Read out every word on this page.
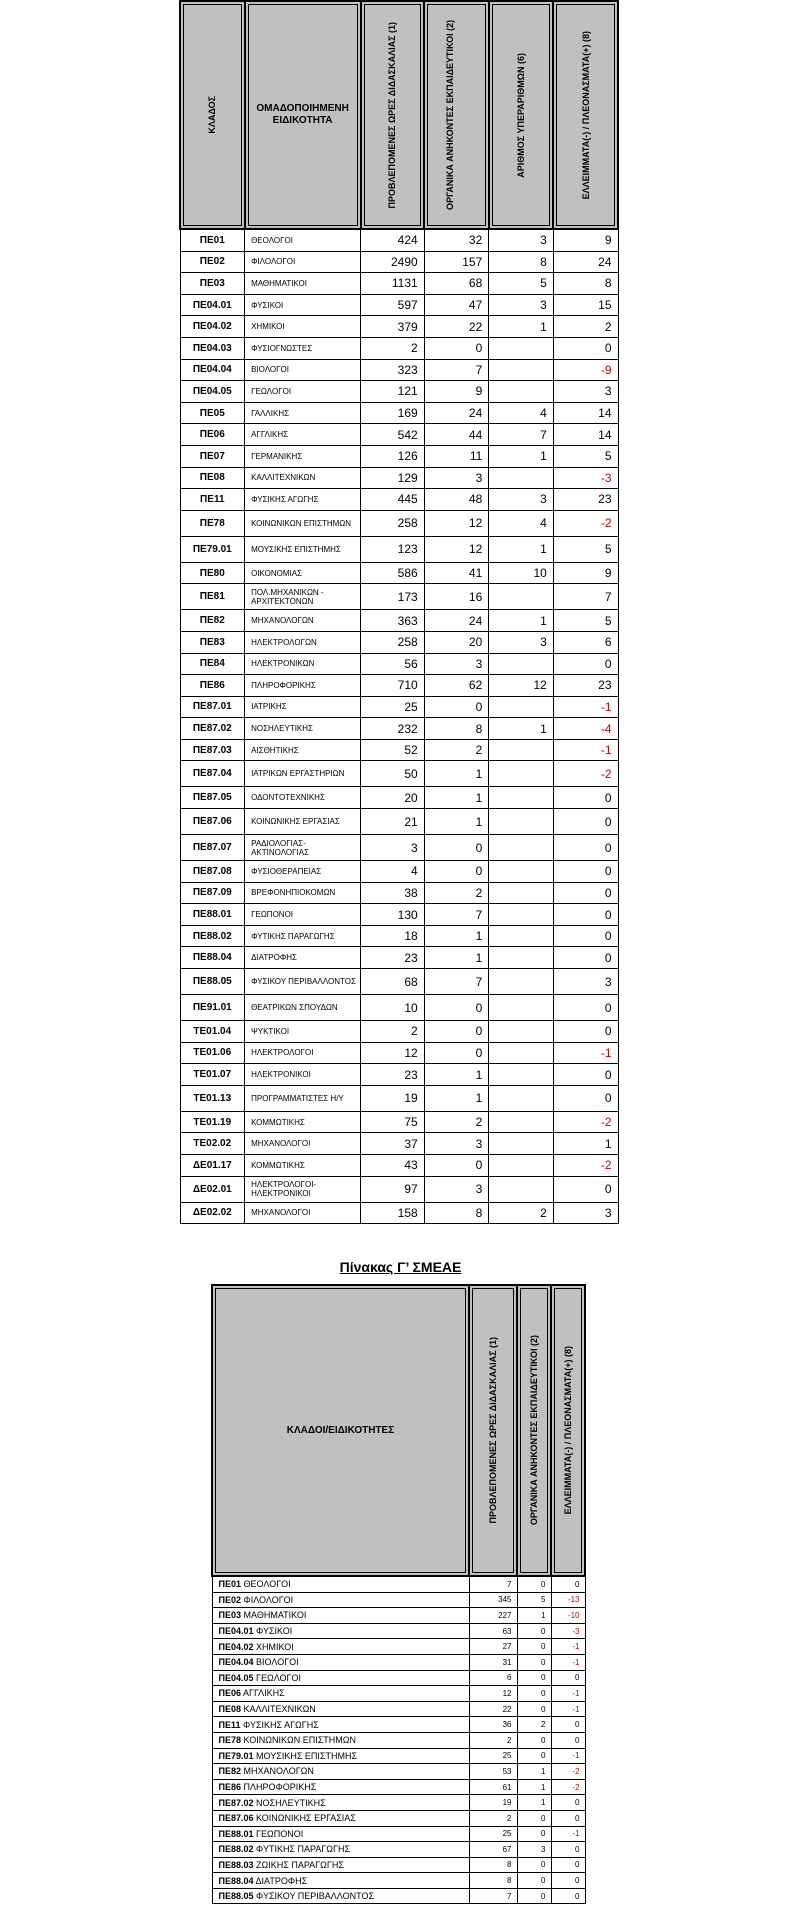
ΚΛΑΔΟΣ	ΟΜΑΔΟΠΟΙΗΜΕΝΗ ΕΙΔΙΚΟΤΗΤΑ	ΠΡΟΒΛΕΠΟΜΕΝΕΣ ΩΡΕΣ ΔΙΔΑΣΚΑΛΙΑΣ (1)	ΟΡΓΑΝΙΚΑ ΑΝΗΚΟΝΤΕΣ ΕΚΠΑΙΔΕΥΤΙΚΟΙ (2)	ΑΡΙΘΜΟΣ ΥΠΕΡΑΡΙΘΜΩΝ (6)	ΕΛΛΕΙΜΜΑΤΑ(-) / ΠΛΕΟΝΑΣΜΑΤΑ(+) (8)

ΠΕ01	ΘΕΟΛΟΓΟΙ	424	32	3	9
ΠΕ02	ΦΙΛΟΛΟΓΟΙ	2490	157	8	24
ΠΕ03	ΜΑΘΗΜΑΤΙΚΟΙ	1131	68	5	8
ΠΕ04.01	ΦΥΣΙΚΟΙ	597	47	3	15
ΠΕ04.02	ΧΗΜΙΚΟΙ	379	22	1	2
ΠΕ04.03	ΦΥΣΙΟΓΝΩΣΤΕΣ	2	0		0
ΠΕ04.04	ΒΙΟΛΟΓΟΙ	323	7		-9
ΠΕ04.05	ΓΕΩΛΟΓΟΙ	121	9		3
ΠΕ05	ΓΑΛΛΙΚΗΣ	169	24	4	14
ΠΕ06	ΑΓΓΛΙΚΗΣ	542	44	7	14
ΠΕ07	ΓΕΡΜΑΝΙΚΗΣ	126	11	1	5
ΠΕ08	ΚΑΛΛΙΤΕΧΝΙΚΩΝ	129	3		-3
ΠΕ11	ΦΥΣΙΚΗΣ ΑΓΩΓΗΣ	445	48	3	23
ΠΕ78	ΚΟΙΝΩΝΙΚΩΝ ΕΠΙΣΤΗΜΩΝ	258	12	4	-2
ΠΕ79.01	ΜΟΥΣΙΚΗΣ ΕΠΙΣΤΗΜΗΣ	123	12	1	5
ΠΕ80	ΟΙΚΟΝΟΜΙΑΣ	586	41	10	9
ΠΕ81	ΠΟΛ.ΜΗΧΑΝΙΚΩΝ - ΑΡΧΙΤΕΚΤΟΝΩΝ	173	16		7
ΠΕ82	ΜΗΧΑΝΟΛΟΓΩΝ	363	24	1	5
ΠΕ83	ΗΛΕΚΤΡΟΛΟΓΩΝ	258	20	3	6
ΠΕ84	ΗΛΕΚΤΡΟΝΙΚΩΝ	56	3		0
ΠΕ86	ΠΛΗΡΟΦΟΡΙΚΗΣ	710	62	12	23
ΠΕ87.01	ΙΑΤΡΙΚΗΣ	25	0		-1
ΠΕ87.02	ΝΟΣΗΛΕΥΤΙΚΗΣ	232	8	1	-4
ΠΕ87.03	ΑΙΣΘΗΤΙΚΗΣ	52	2		-1
ΠΕ87.04	ΙΑΤΡΙΚΩΝ ΕΡΓΑΣΤΗΡΙΩΝ	50	1		-2
ΠΕ87.05	ΟΔΟΝΤΟΤΕΧΝΙΚΗΣ	20	1		0
ΠΕ87.06	ΚΟΙΝΩΝΙΚΗΣ ΕΡΓΑΣΙΑΣ	21	1		0
ΠΕ87.07	ΡΑΔΙΟΛΟΓΙΑΣ-ΑΚΤΙΝΟΛΟΓΙΑΣ	3	0		0
ΠΕ87.08	ΦΥΣΙΟΘΕΡΑΠΕΙΑΣ	4	0		0
ΠΕ87.09	ΒΡΕΦΟΝΗΠΙΟΚΟΜΩΝ	38	2		0
ΠΕ88.01	ΓΕΩΠΟΝΟΙ	130	7		0
ΠΕ88.02	ΦΥΤΙΚΗΣ ΠΑΡΑΓΩΓΗΣ	18	1		0
ΠΕ88.04	ΔΙΑΤΡΟΦΗΣ	23	1		0
ΠΕ88.05	ΦΥΣΙΚΟΥ ΠΕΡΙΒΑΛΛΟΝΤΟΣ	68	7		3
ΠΕ91.01	ΘΕΑΤΡΙΚΩΝ ΣΠΟΥΔΩΝ	10	0		0
ΤΕ01.04	ΨΥΚΤΙΚΟΙ	2	0		0
ΤΕ01.06	ΗΛΕΚΤΡΟΛΟΓΟΙ	12	0		-1
ΤΕ01.07	ΗΛΕΚΤΡΟΝΙΚΟΙ	23	1		0
ΤΕ01.13	ΠΡΟΓΡΑΜΜΑΤΙΣΤΕΣ Η/Υ	19	1		0
ΤΕ01.19	ΚΟΜΜΩΤΙΚΗΣ	75	2		-2
ΤΕ02.02	ΜΗΧΑΝΟΛΟΓΟΙ	37	3		1
ΔΕ01.17	ΚΟΜΜΩΤΙΚΗΣ	43	0		-2
ΔΕ02.01	ΗΛΕΚΤΡΟΛΟΓΟΙ-ΗΛΕΚΤΡΟΝΙΚΟΙ	97	3		0
ΔΕ02.02	ΜΗΧΑΝΟΛΟΓΟΙ	158	8	2	3
Πίνακας Γ’ ΣΜΕΑΕ
ΚΛΑΔΟΙ/ΕΙΔΙΚΟΤΗΤΕΣ	ΠΡΟΒΛΕΠΟΜΕΝΕΣ ΩΡΕΣ ΔΙΔΑΣΚΑΛΙΑΣ (1)	ΟΡΓΑΝΙΚΑ ΑΝΗΚΟΝΤΕΣ ΕΚΠΑΙΔΕΥΤΙΚΟΙ (2)	ΕΛΛΕΙΜΜΑΤΑ(-) / ΠΛΕΟΝΑΣΜΑΤΑ(+) (8)

ΠΕ01 ΘΕΟΛΟΓΟΙ	7	0	0
ΠΕ02 ΦΙΛΟΛΟΓΟΙ	345	5	-13
ΠΕ03 ΜΑΘΗΜΑΤΙΚΟΙ	227	1	-10
ΠΕ04.01 ΦΥΣΙΚΟΙ	63	0	-3
ΠΕ04.02 ΧΗΜΙΚΟΙ	27	0	-1
ΠΕ04.04 ΒΙΟΛΟΓΟΙ	31	0	-1
ΠΕ04.05 ΓΕΩΛΟΓΟΙ	6	0	0
ΠΕ06 ΑΓΓΛΙΚΗΣ	12	0	-1
ΠΕ08 ΚΑΛΛΙΤΕΧΝΙΚΩΝ	22	0	-1
ΠΕ11 ΦΥΣΙΚΗΣ ΑΓΩΓΗΣ	36	2	0
ΠΕ78 ΚΟΙΝΩΝΙΚΩΝ ΕΠΙΣΤΗΜΩΝ	2	0	0
ΠΕ79.01 ΜΟΥΣΙΚΗΣ ΕΠΙΣΤΗΜΗΣ	25	0	-1
ΠΕ82 ΜΗΧΑΝΟΛΟΓΩΝ	53	1	-2
ΠΕ86 ΠΛΗΡΟΦΟΡΙΚΗΣ	61	1	-2
ΠΕ87.02 ΝΟΣΗΛΕΥΤΙΚΗΣ	19	1	0
ΠΕ87.06 ΚΟΙΝΩΝΙΚΗΣ ΕΡΓΑΣΙΑΣ	2	0	0
ΠΕ88.01 ΓΕΩΠΟΝΟΙ	25	0	-1
ΠΕ88.02 ΦΥΤΙΚΗΣ ΠΑΡΑΓΩΓΗΣ	67	3	0
ΠΕ88.03 ΖΩΙΚΗΣ ΠΑΡΑΓΩΓΗΣ	8	0	0
ΠΕ88.04 ΔΙΑΤΡΟΦΗΣ	8	0	0
ΠΕ88.05 ΦΥΣΙΚΟΥ ΠΕΡΙΒΑΛΛΟΝΤΟΣ	7	0	0
